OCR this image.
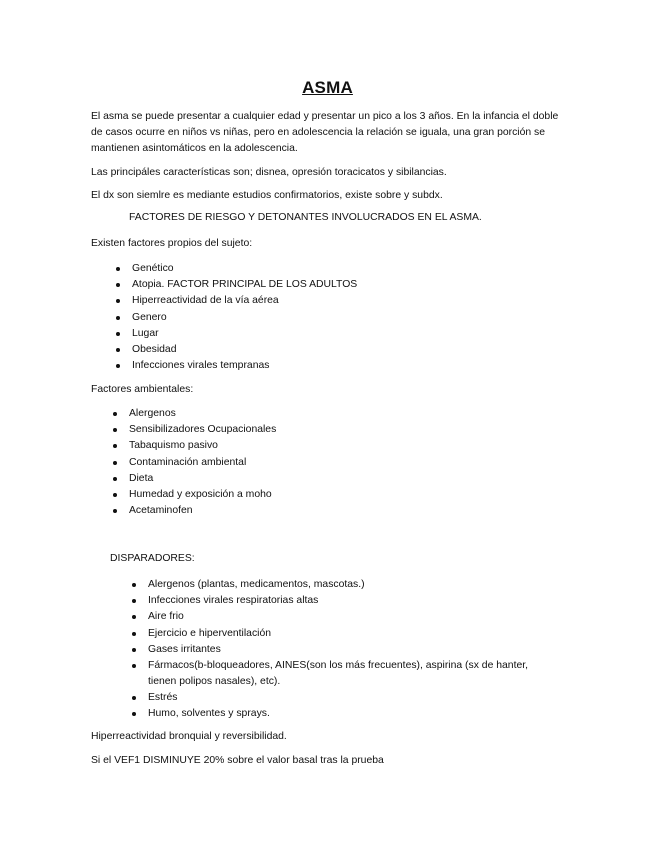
ASMA

El asma se puede presentar a cualquier edad y presentar un pico a los 3 años. En la infancia el doble de casos ocurre en niños vs niñas, pero en adolescencia la relación se iguala, una gran porción se mantienen asintomáticos en la adolescencia.

Las principáles características son; disnea, opresión toracicatos y sibilancias.

El dx son siemlre es mediante estudios confirmatorios, existe sobre y subdx.

FACTORES DE RIESGO Y DETONANTES INVOLUCRADOS EN EL ASMA.

Existen factores propios del sujeto:

Genético
Atopia. FACTOR PRINCIPAL DE LOS ADULTOS
Hiperreactividad de la vía aérea
Genero
Lugar
Obesidad
Infecciones virales tempranas

Factores ambientales:

Alergenos
Sensibilizadores Ocupacionales
Tabaquismo pasivo
Contaminación ambiental
Dieta
Humedad y exposición a moho
Acetaminofen

DISPARADORES:

Alergenos (plantas, medicamentos, mascotas.)
Infecciones virales respiratorias altas
Aire frio
Ejercicio e hiperventilación
Gases irritantes
Fármacos(b-bloqueadores, AINES(son los más frecuentes), aspirina (sx de hanter, tienen polipos nasales), etc).
Estrés
Humo, solventes y sprays.

Hiperreactividad bronquial y reversibilidad.

Si el VEF1 DISMINUYE 20% sobre el valor basal tras la prueba
